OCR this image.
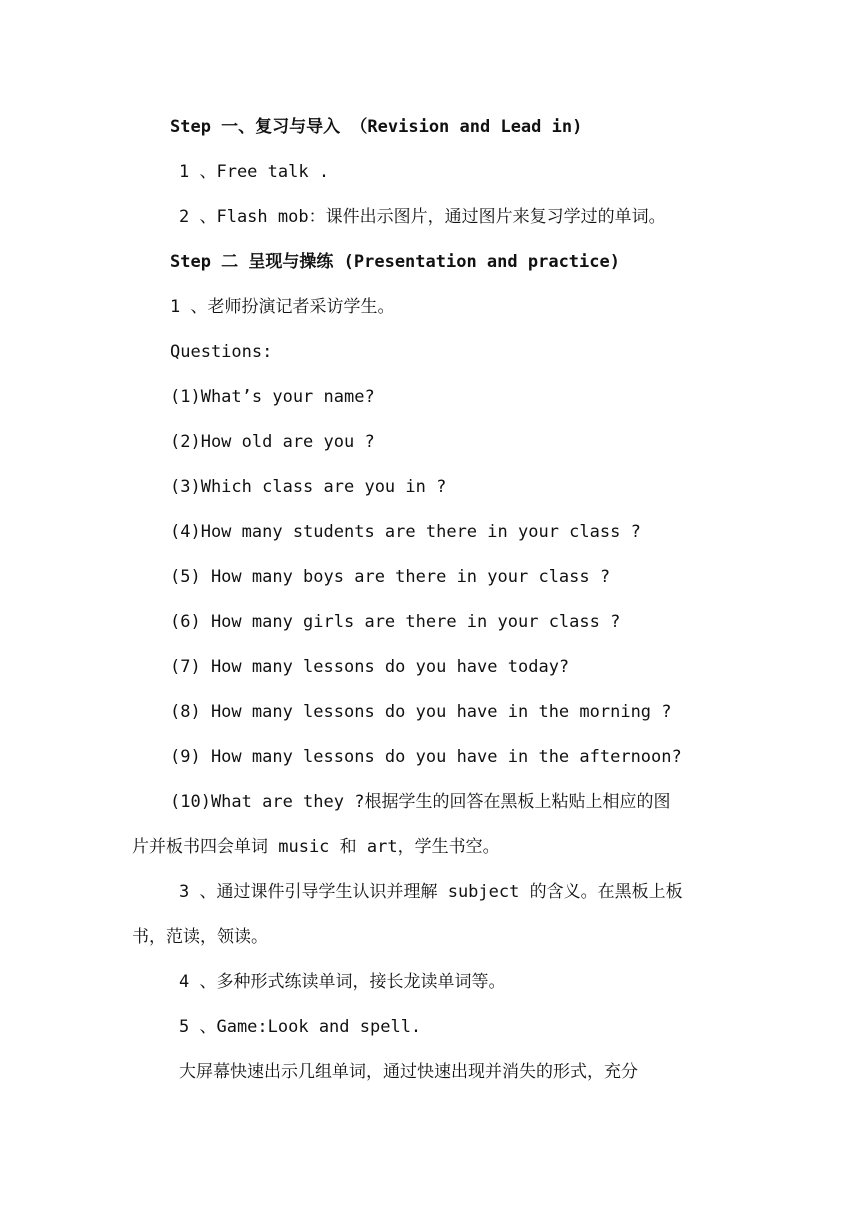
Step 一、复习与导入 （Revision and Lead in)
1 、Free talk .
2 、Flash mob：课件出示图片，通过图片来复习学过的单词。
Step 二 呈现与操练 (Presentation and practice)
1 、老师扮演记者采访学生。
Questions:
(1)What’s your name?
(2)How old are you ?
(3)Which class are you in ?
(4)How many students are there in your class ?
(5) How many boys are there in your class ?
(6) How many girls are there in your class ?
(7) How many lessons do you have today?
(8) How many lessons do you have in the morning ?
(9) How many lessons do you have in the afternoon?
(10)What are they ?根据学生的回答在黑板上粘贴上相应的图
片并板书四会单词 music 和 art，学生书空。
3 、通过课件引导学生认识并理解 subject 的含义。在黑板上板
书，范读，领读。
4 、多种形式练读单词，接长龙读单词等。
5 、Game:Look and spell.
大屏幕快速出示几组单词，通过快速出现并消失的形式，充分
